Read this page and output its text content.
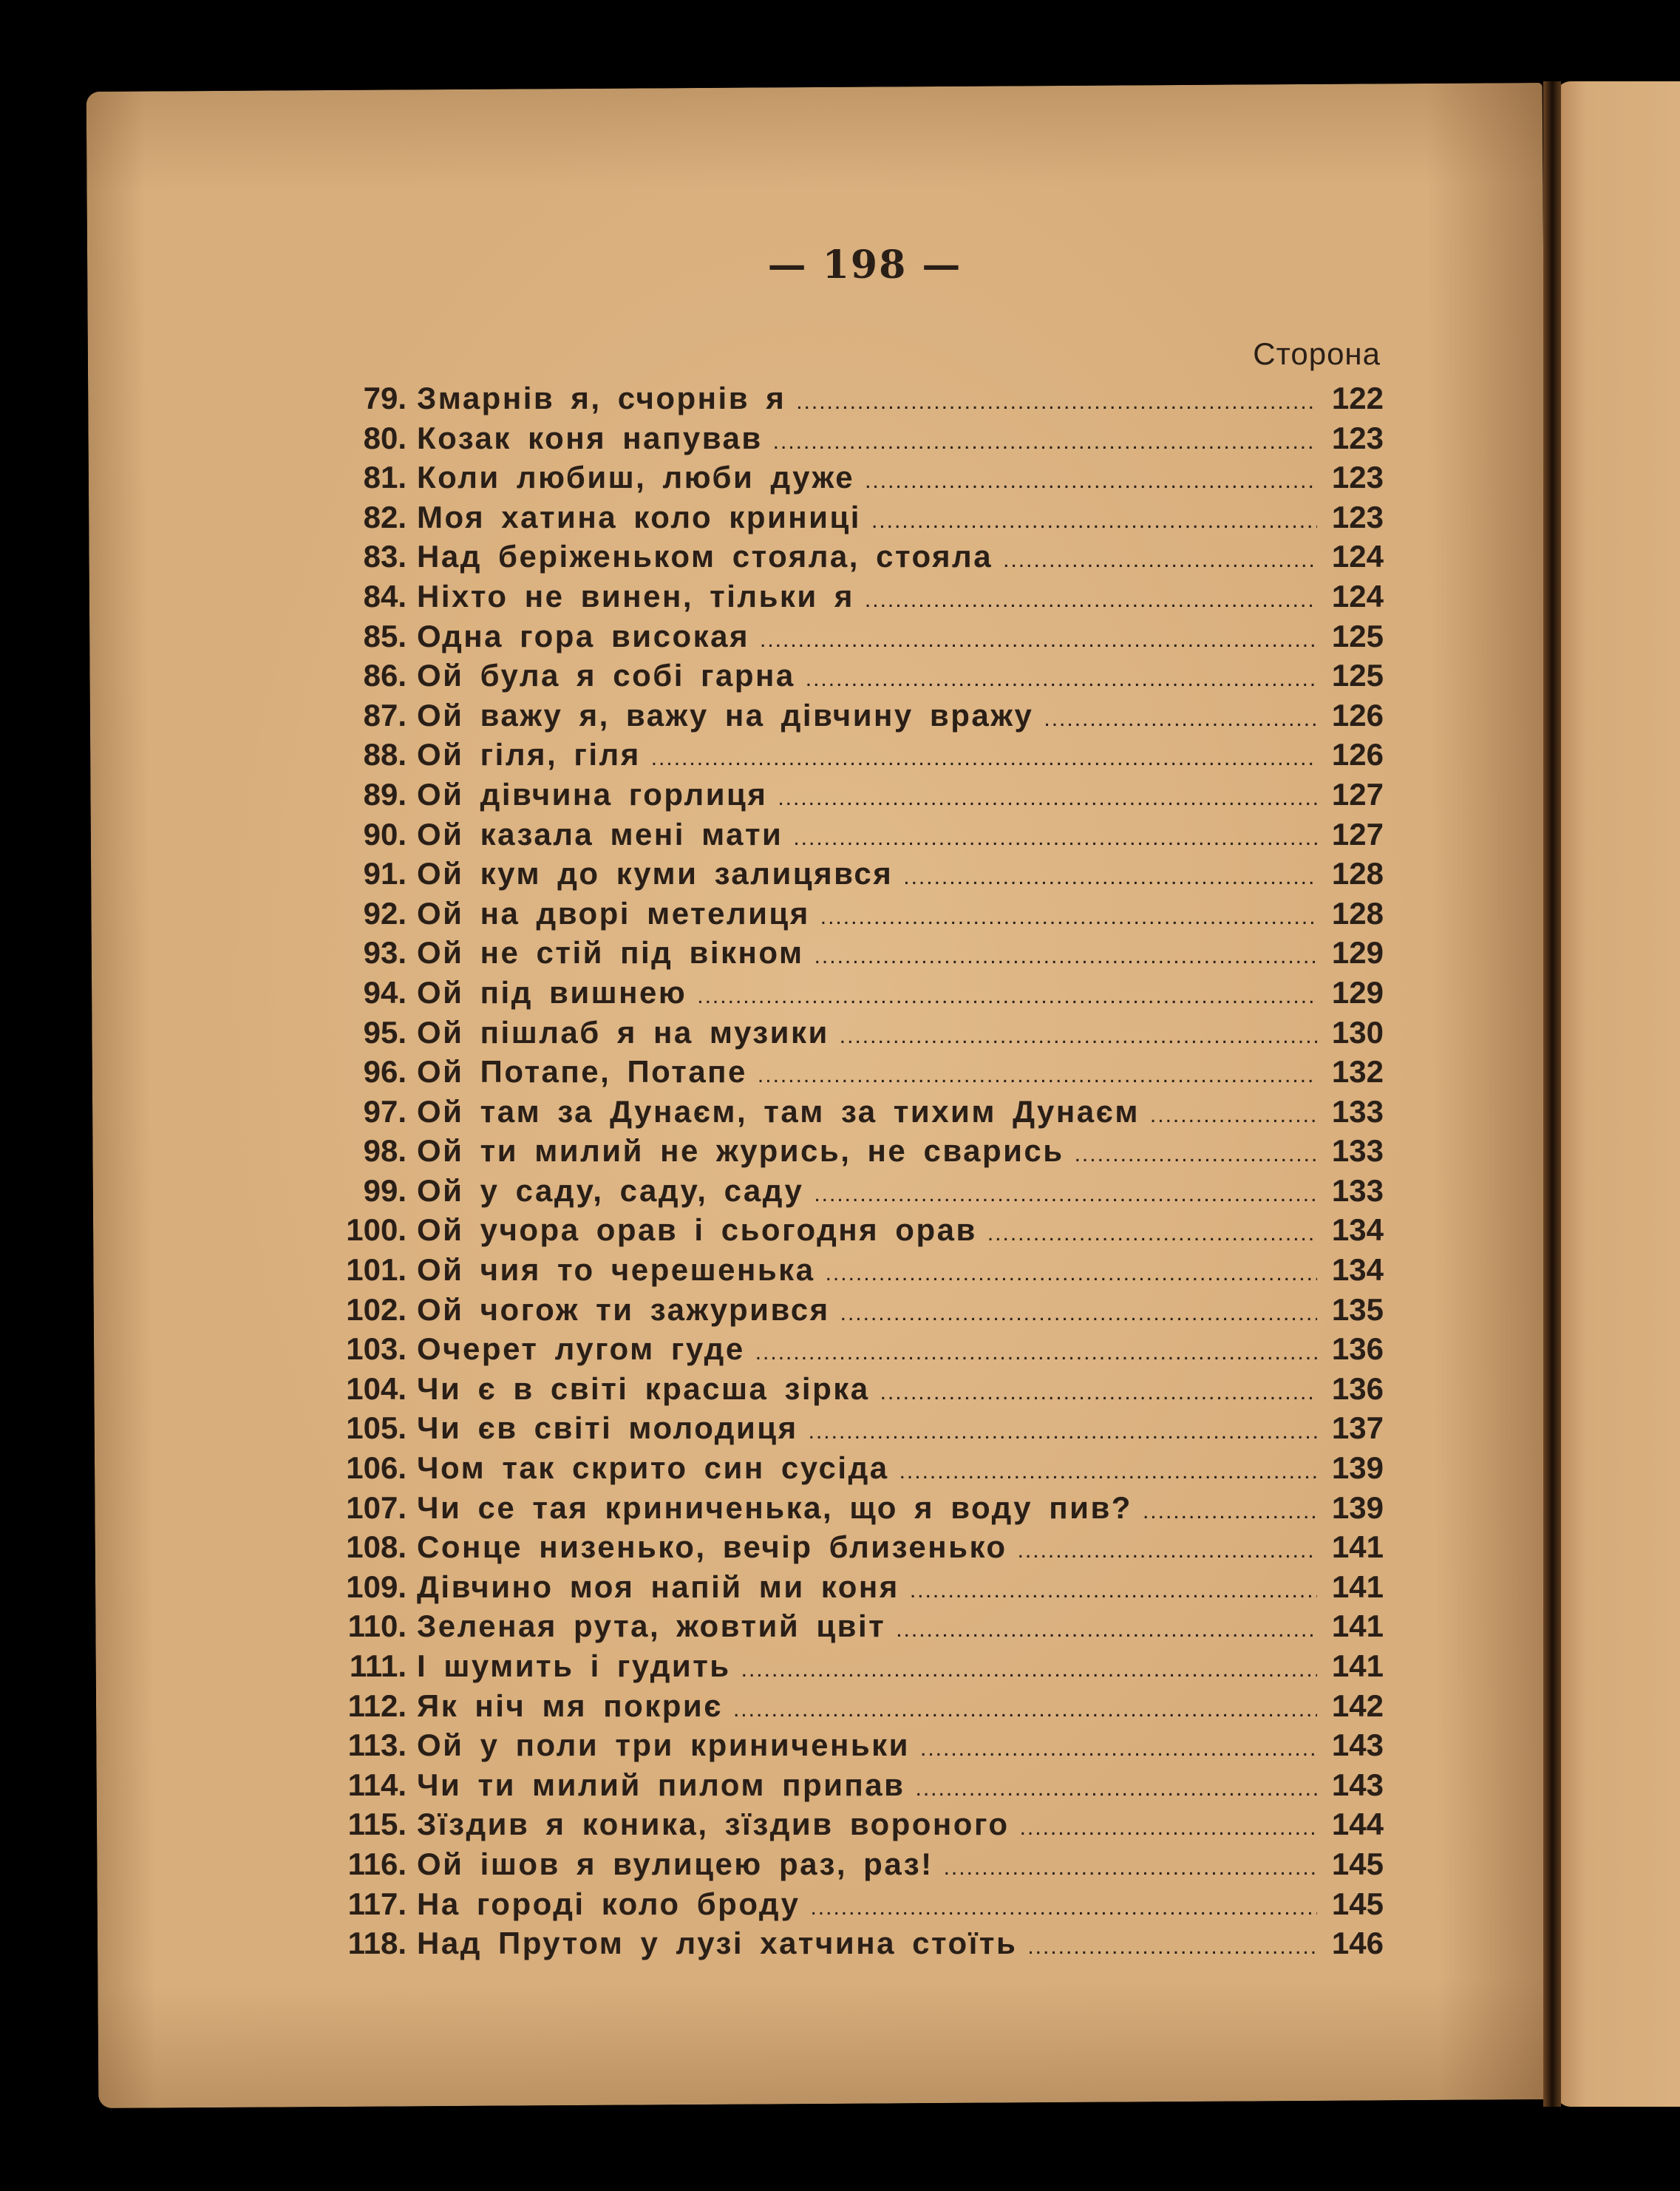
— 198 —
Сторона
79. Змарнів я, счорнів я .....	122
80. Козак коня напував .....	123
81. Коли любиш, люби дуже .....	123
82. Моя хатина коло криниці .....	123
83. Над беріженьком стояла, стояла .....	124
84. Ніхто не винен, тільки я .....	124
85. Одна гора високая .....	125
86. Ой була я собі гарна .....	125
87. Ой важу я, важу на дівчину вражу .....	126
88. Ой гіля, гіля .....	126
89. Ой дівчина горлиця .....	127
90. Ой казала мені мати .....	127
91. Ой кум до куми залицявся .....	128
92. Ой на дворі метелиця .....	128
93. Ой не стій під вікном .....	129
94. Ой під вишнею .....	129
95. Ой пішлаб я на музики .....	130
96. Ой Потапе, Потапе .....	132
97. Ой там за Дунаєм, там за тихим Дунаєм .....	133
98. Ой ти милий не журись, не сварись .....	133
99. Ой у саду, саду, саду .....	133
100. Ой учора орав і сьогодня орав .....	134
101. Ой чия то черешенька .....	134
102. Ой чогож ти зажурився .....	135
103. Очерет лугом гуде .....	136
104. Чи є в світі красша зірка .....	136
105. Чи єв світі молодиця .....	137
106. Чом так скрито син сусіда .....	139
107. Чи се тая криниченька, що я воду пив? .....	139
108. Сонце низенько, вечір близенько .....	141
109. Дівчино моя напій ми коня .....	141
110. Зеленая рута, жовтий цвіт .....	141
111. І шумить і гудить .....	141
112. Як ніч мя покриє .....	142
113. Ой у поли три криниченьки .....	143
114. Чи ти милий пилом припав .....	143
115. Зїздив я коника, зїздив вороного .....	144
116. Ой ішов я вулицею раз, раз! .....	145
117. На городі коло броду .....	145
118. Над Прутом у лузі хатчина стоїть .....	146
